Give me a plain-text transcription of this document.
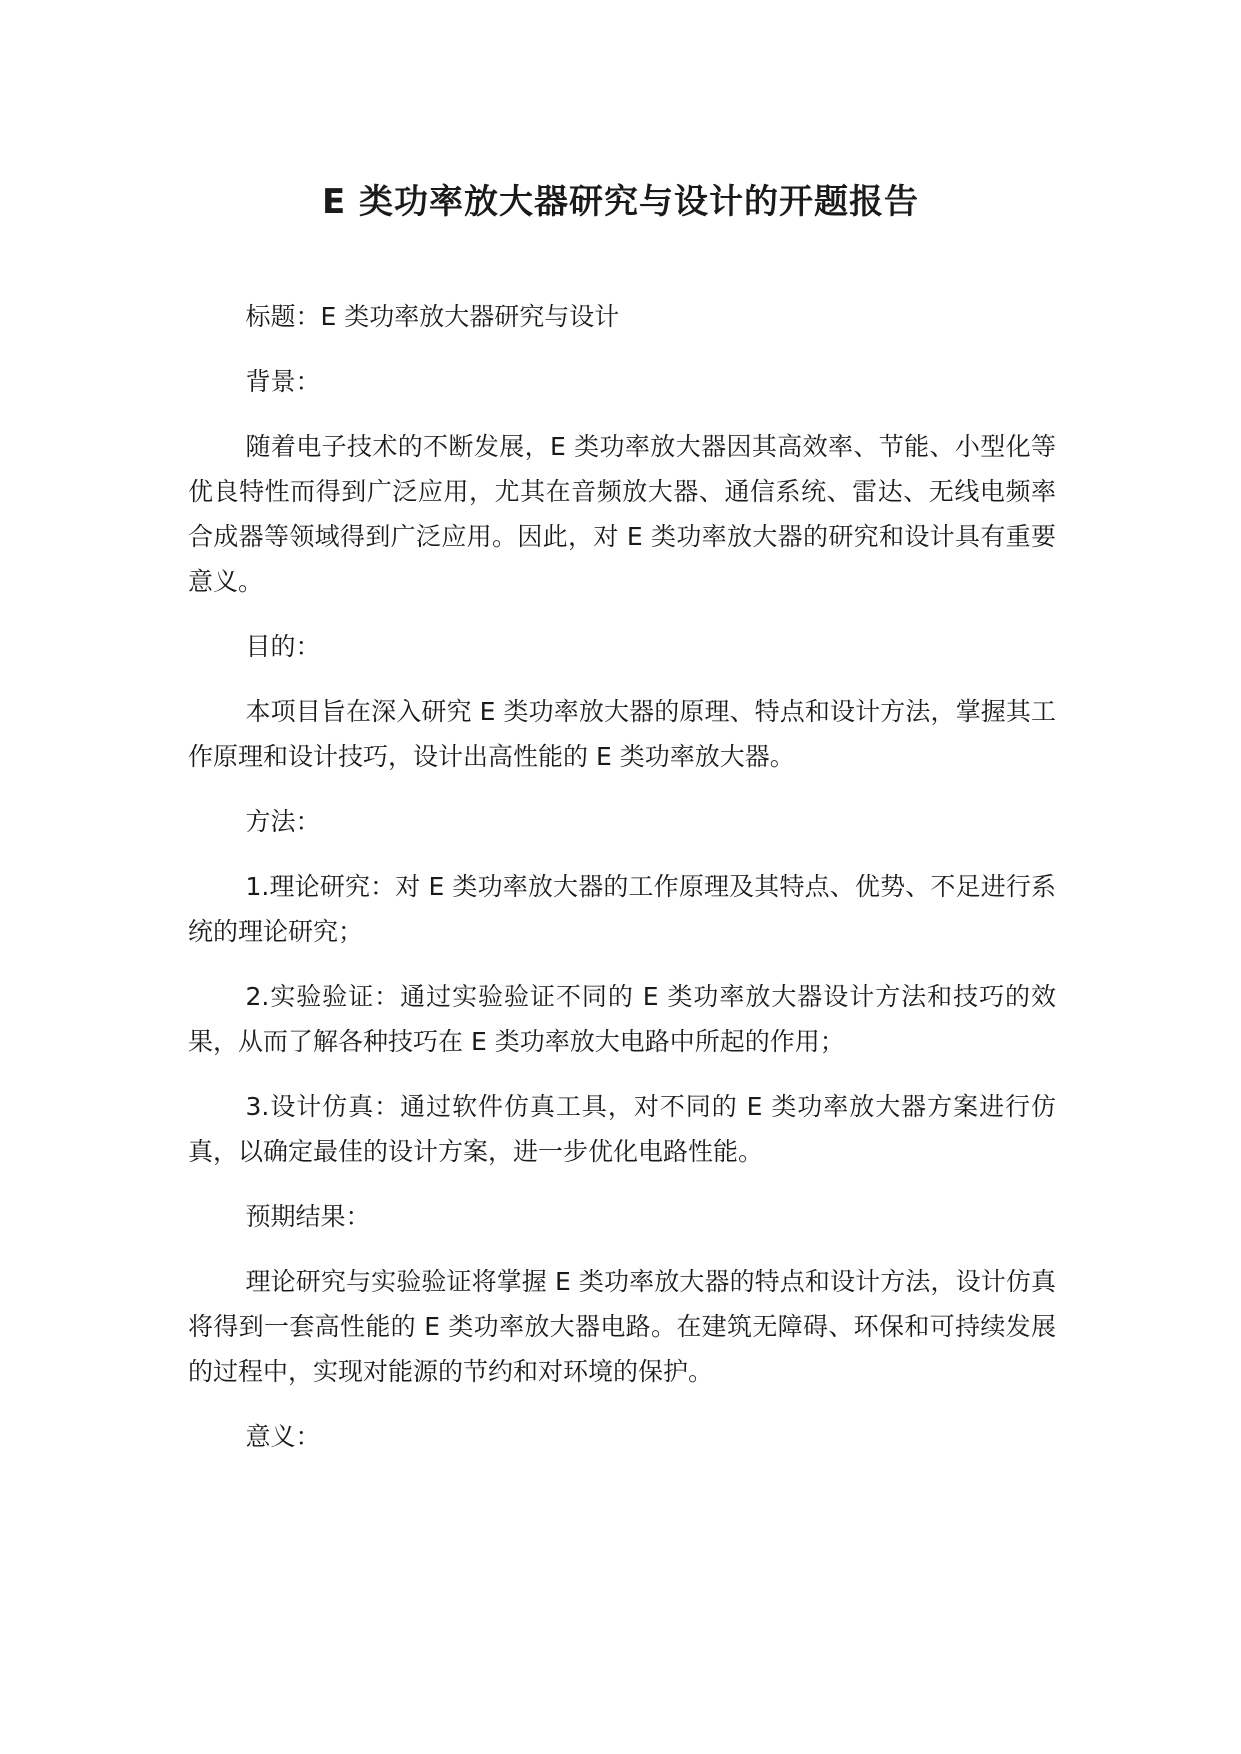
E 类功率放大器研究与设计的开题报告

标题：E 类功率放大器研究与设计

背景：

随着电子技术的不断发展，E 类功率放大器因其高效率、节能、小型化等优良特性而得到广泛应用，尤其在音频放大器、通信系统、雷达、无线电频率合成器等领域得到广泛应用。因此，对 E 类功率放大器的研究和设计具有重要意义。

目的：

本项目旨在深入研究 E 类功率放大器的原理、特点和设计方法，掌握其工作原理和设计技巧，设计出高性能的 E 类功率放大器。

方法：

1.理论研究：对 E 类功率放大器的工作原理及其特点、优势、不足进行系统的理论研究；

2.实验验证：通过实验验证不同的 E 类功率放大器设计方法和技巧的效果，从而了解各种技巧在 E 类功率放大电路中所起的作用；

3.设计仿真：通过软件仿真工具，对不同的 E 类功率放大器方案进行仿真，以确定最佳的设计方案，进一步优化电路性能。

预期结果：

理论研究与实验验证将掌握 E 类功率放大器的特点和设计方法，设计仿真将得到一套高性能的 E 类功率放大器电路。在建筑无障碍、环保和可持续发展的过程中，实现对能源的节约和对环境的保护。

意义：
